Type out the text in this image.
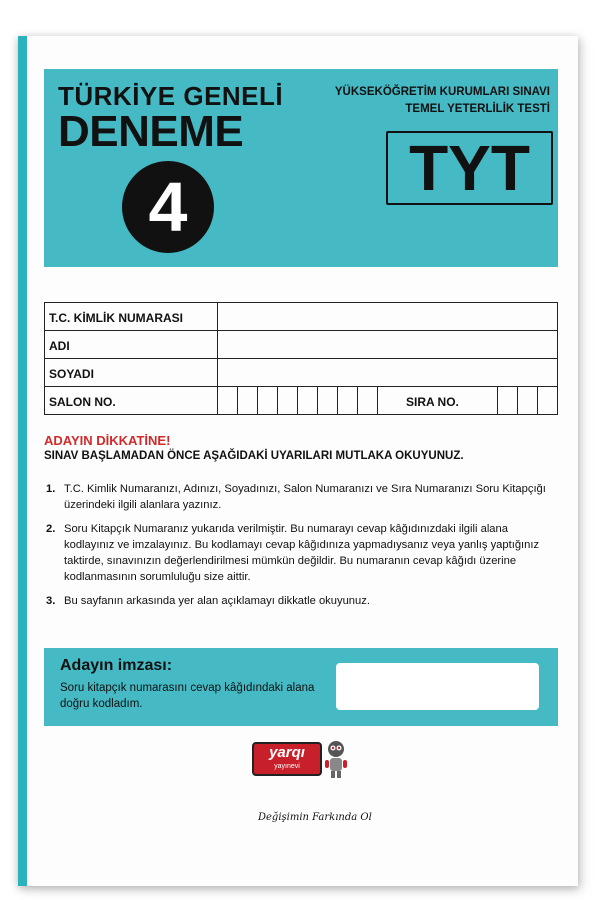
TÜRKİYE GENELİ
DENEME
4
YÜKSEKÖĞRETİM KURUMLARI SINAVI
TEMEL YETERLİLİK TESTİ
TYT
T.C. KİMLİK NUMARASI
ADI
SOYADI
SALON NO.	SIRA NO.
ADAYIN DİKKATİNE!
SINAV BAŞLAMADAN ÖNCE AŞAĞIDAKİ UYARILARI MUTLAKA OKUYUNUZ.
1. T.C. Kimlik Numaranızı, Adınızı, Soyadınızı, Salon Numaranızı ve Sıra Numaranızı Soru Kitapçığı üzerindeki ilgili alanlara yazınız.
2. Soru Kitapçık Numaranız yukarıda verilmiştir. Bu numarayı cevap kâğıdınızdaki ilgili alana kodlayınız ve imzalayınız. Bu kodlamayı cevap kâğıdınıza yapmadıysanız veya yanlış yaptığınız taktirde, sınavınızın değerlendirilmesi mümkün değildir. Bu numaranın cevap kâğıdı üzerine kodlanmasının sorumluluğu size aittir.
3. Bu sayfanın arkasında yer alan açıklamayı dikkatle okuyunuz.
Adayın imzası:
Soru kitapçık numarasını cevap kâğıdındaki alana doğru kodladım.
yarqı
yayınevi
Değişimin Farkında Ol
